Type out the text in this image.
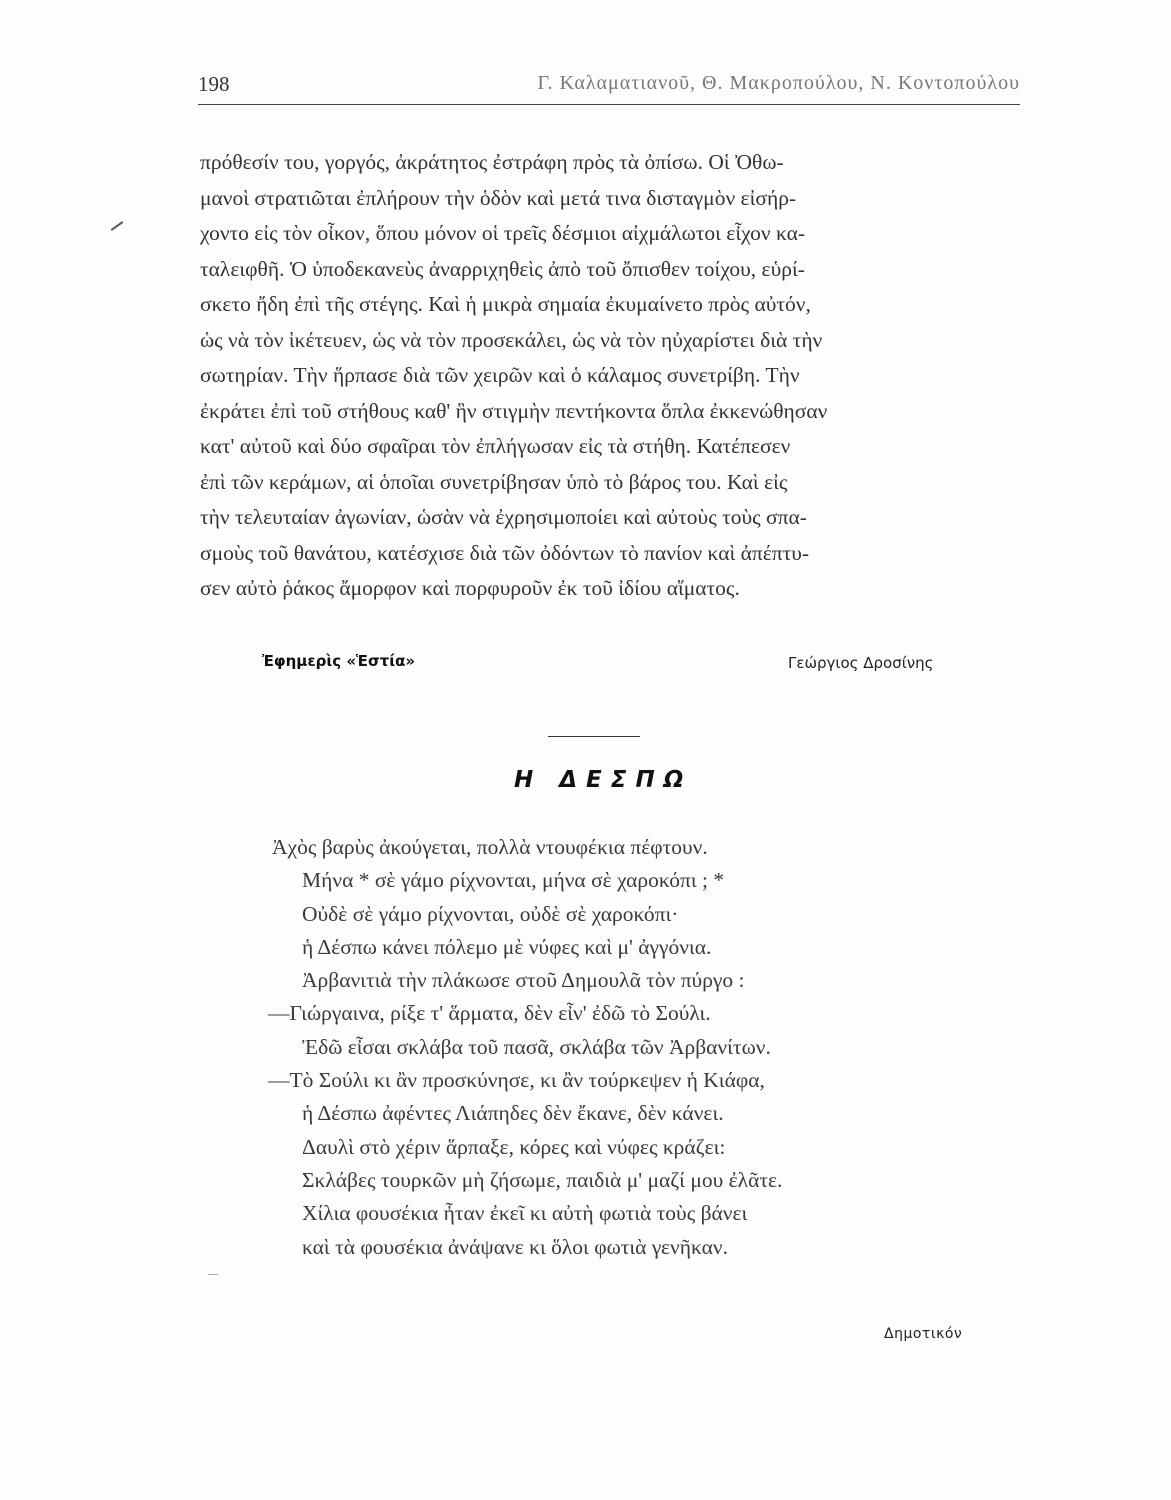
198	Γ. Καλαματιανοῦ, Θ. Μακροπούλου, Ν. Κοντοπούλου
πρόθεσίν του, γοργός, ἀκράτητος ἐστράφη πρὸς τὰ ὀπίσω. Οἱ Ὀθω-
μανοὶ στρατιῶται ἐπλήρουν τὴν ὁδὸν καὶ μετά τινα δισταγμὸν εἰσήρ-
χοντο εἰς τὸν οἶκον, ὅπου μόνον οἱ τρεῖς δέσμιοι αἰχμάλωτοι εἶχον κα-
ταλειφθῆ. Ὁ ὑποδεκανεὺς ἀναρριχηθεὶς ἀπὸ τοῦ ὄπισθεν τοίχου, εὑρί-
σκετο ἤδη ἐπὶ τῆς στέγης. Καὶ ἡ μικρὰ σημαία ἐκυμαίνετο πρὸς αὐτόν,
ὡς νὰ τὸν ἱκέτευεν, ὡς νὰ τὸν προσεκάλει, ὡς νὰ τὸν ηὐχαρίστει διὰ τὴν
σωτηρίαν. Τὴν ἥρπασε διὰ τῶν χειρῶν καὶ ὁ κάλαμος συνετρίβη. Τὴν
ἐκράτει ἐπὶ τοῦ στήθους καθ' ἣν στιγμὴν πεντήκοντα ὅπλα ἐκκενώθησαν
κατ' αὐτοῦ καὶ δύο σφαῖραι τὸν ἐπλήγωσαν εἰς τὰ στήθη. Κατέπεσεν
ἐπὶ τῶν κεράμων, αἱ ὁποῖαι συνετρίβησαν ὑπὸ τὸ βάρος του. Καὶ εἰς
τὴν τελευταίαν ἀγωνίαν, ὡσὰν νὰ ἐχρησιμοποίει καὶ αὐτοὺς τοὺς σπα-
σμοὺς τοῦ θανάτου, κατέσχισε διὰ τῶν ὀδόντων τὸ πανίον καὶ ἀπέπτυ-
σεν αὐτὸ ῥάκος ἄμορφον καὶ πορφυροῦν ἐκ τοῦ ἰδίου αἵματος.
Ἐφημερὶς «Ἑστία»	Γεώργιος Δροσίνης
Η ΔΕΣΠΩ
Ἀχὸς βαρὺς ἀκούγεται, πολλὰ ντουφέκια πέφτουν.
Μήνα * σὲ γάμο ρίχνονται, μήνα σὲ χαροκόπι ; *
Οὐδὲ σὲ γάμο ρίχνονται, οὐδὲ σὲ χαροκόπι·
ἡ Δέσπω κάνει πόλεμο μὲ νύφες καὶ μ' ἀγγόνια.
Ἀρβανιτιὰ τὴν πλάκωσε στοῦ Δημουλᾶ τὸν πύργο :
—Γιώργαινα, ρίξε τ' ἅρματα, δὲν εἶν' ἐδῶ τὸ Σούλι.
Ἐδῶ εἶσαι σκλάβα τοῦ πασᾶ, σκλάβα τῶν Ἀρβανίτων.
—Τὸ Σούλι κι ἂν προσκύνησε, κι ἂν τούρκεψεν ἡ Κιάφα,
ἡ Δέσπω ἀφέντες Λιάπηδες δὲν ἔκανε, δὲν κάνει.
Δαυλὶ στὸ χέριν ἅρπαξε, κόρες καὶ νύφες κράζει:
Σκλάβες τουρκῶν μὴ ζήσωμε, παιδιὰ μ' μαζί μου ἐλᾶτε.
Χίλια φουσέκια ἦταν ἐκεῖ κι αὐτὴ φωτιὰ τοὺς βάνει
καὶ τὰ φουσέκια ἀνάψανε κι ὅλοι φωτιὰ γενῆκαν.
Δημοτικόν
